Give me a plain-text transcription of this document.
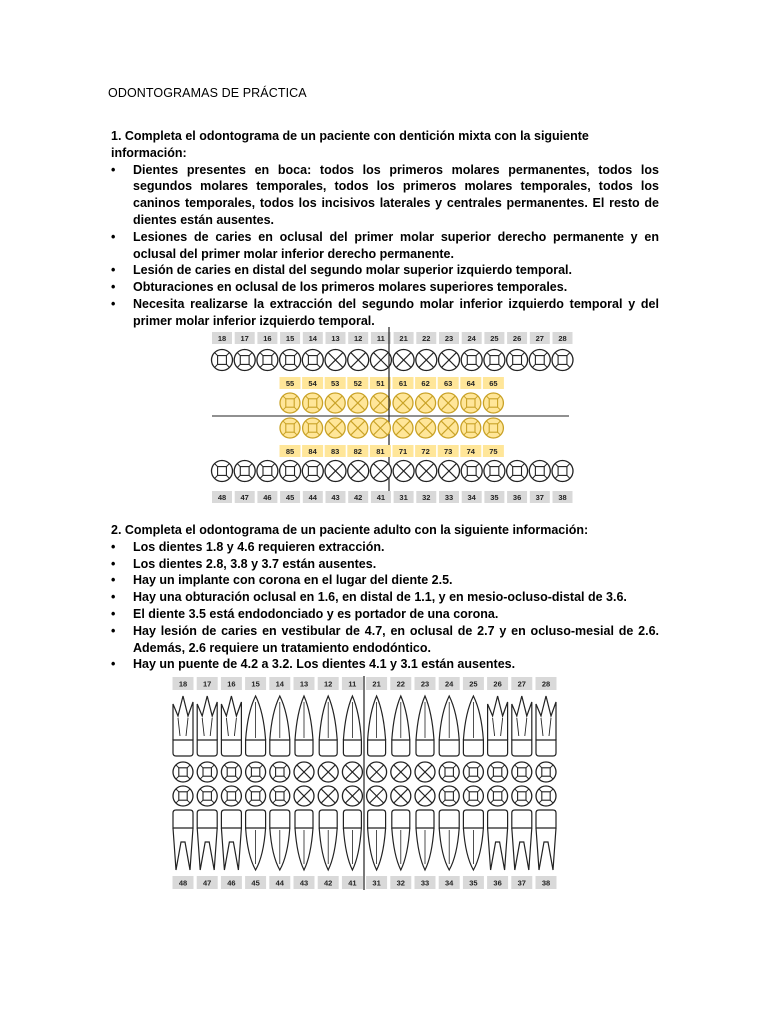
ODONTOGRAMAS DE PRÁCTICA
1. Completa el odontograma de un paciente con dentición mixta con la siguiente información:
• Dientes presentes en boca: todos los primeros molares permanentes, todos los segundos molares temporales, todos los primeros molares temporales, todos los caninos temporales, todos los incisivos laterales y centrales permanentes. El resto de dientes están ausentes.
• Lesiones de caries en oclusal del primer molar superior derecho permanente y en oclusal del primer molar inferior derecho permanente.
• Lesión de caries en distal del segundo molar superior izquierdo temporal.
• Obturaciones en oclusal de los primeros molares superiores temporales.
• Necesita realizarse la extracción del segundo molar inferior izquierdo temporal y del primer molar inferior izquierdo temporal.
2. Completa el odontograma de un paciente adulto con la siguiente información:
• Los dientes 1.8 y 4.6 requieren extracción.
• Los dientes 2.8, 3.8 y 3.7 están ausentes.
• Hay un implante con corona en el lugar del diente 2.5.
• Hay una obturación oclusal en 1.6, en distal de 1.1, y en mesio-ocluso-distal de 3.6.
• El diente 3.5 está endodonciado y es portador de una corona.
• Hay lesión de caries en vestibular de 4.7, en oclusal de 2.7 y en ocluso-mesial de 2.6. Además, 2.6 requiere un tratamiento endodóntico.
• Hay un puente de 4.2 a 3.2. Los dientes 4.1 y 3.1 están ausentes.
18 17 16 15 14 13 12 11 21 22 23 24 25 26 27 28
55 54 53 52 51 61 62 63 64 65
85 84 83 82 81 71 72 73 74 75
48 47 46 45 44 43 42 41 31 32 33 34 35 36 37 38
18 17 16 15 14 13 12 11 21 22 23 24 25 26 27 28
48 47 46 45 44 43 42 41 31 32 33 34 35 36 37 38
